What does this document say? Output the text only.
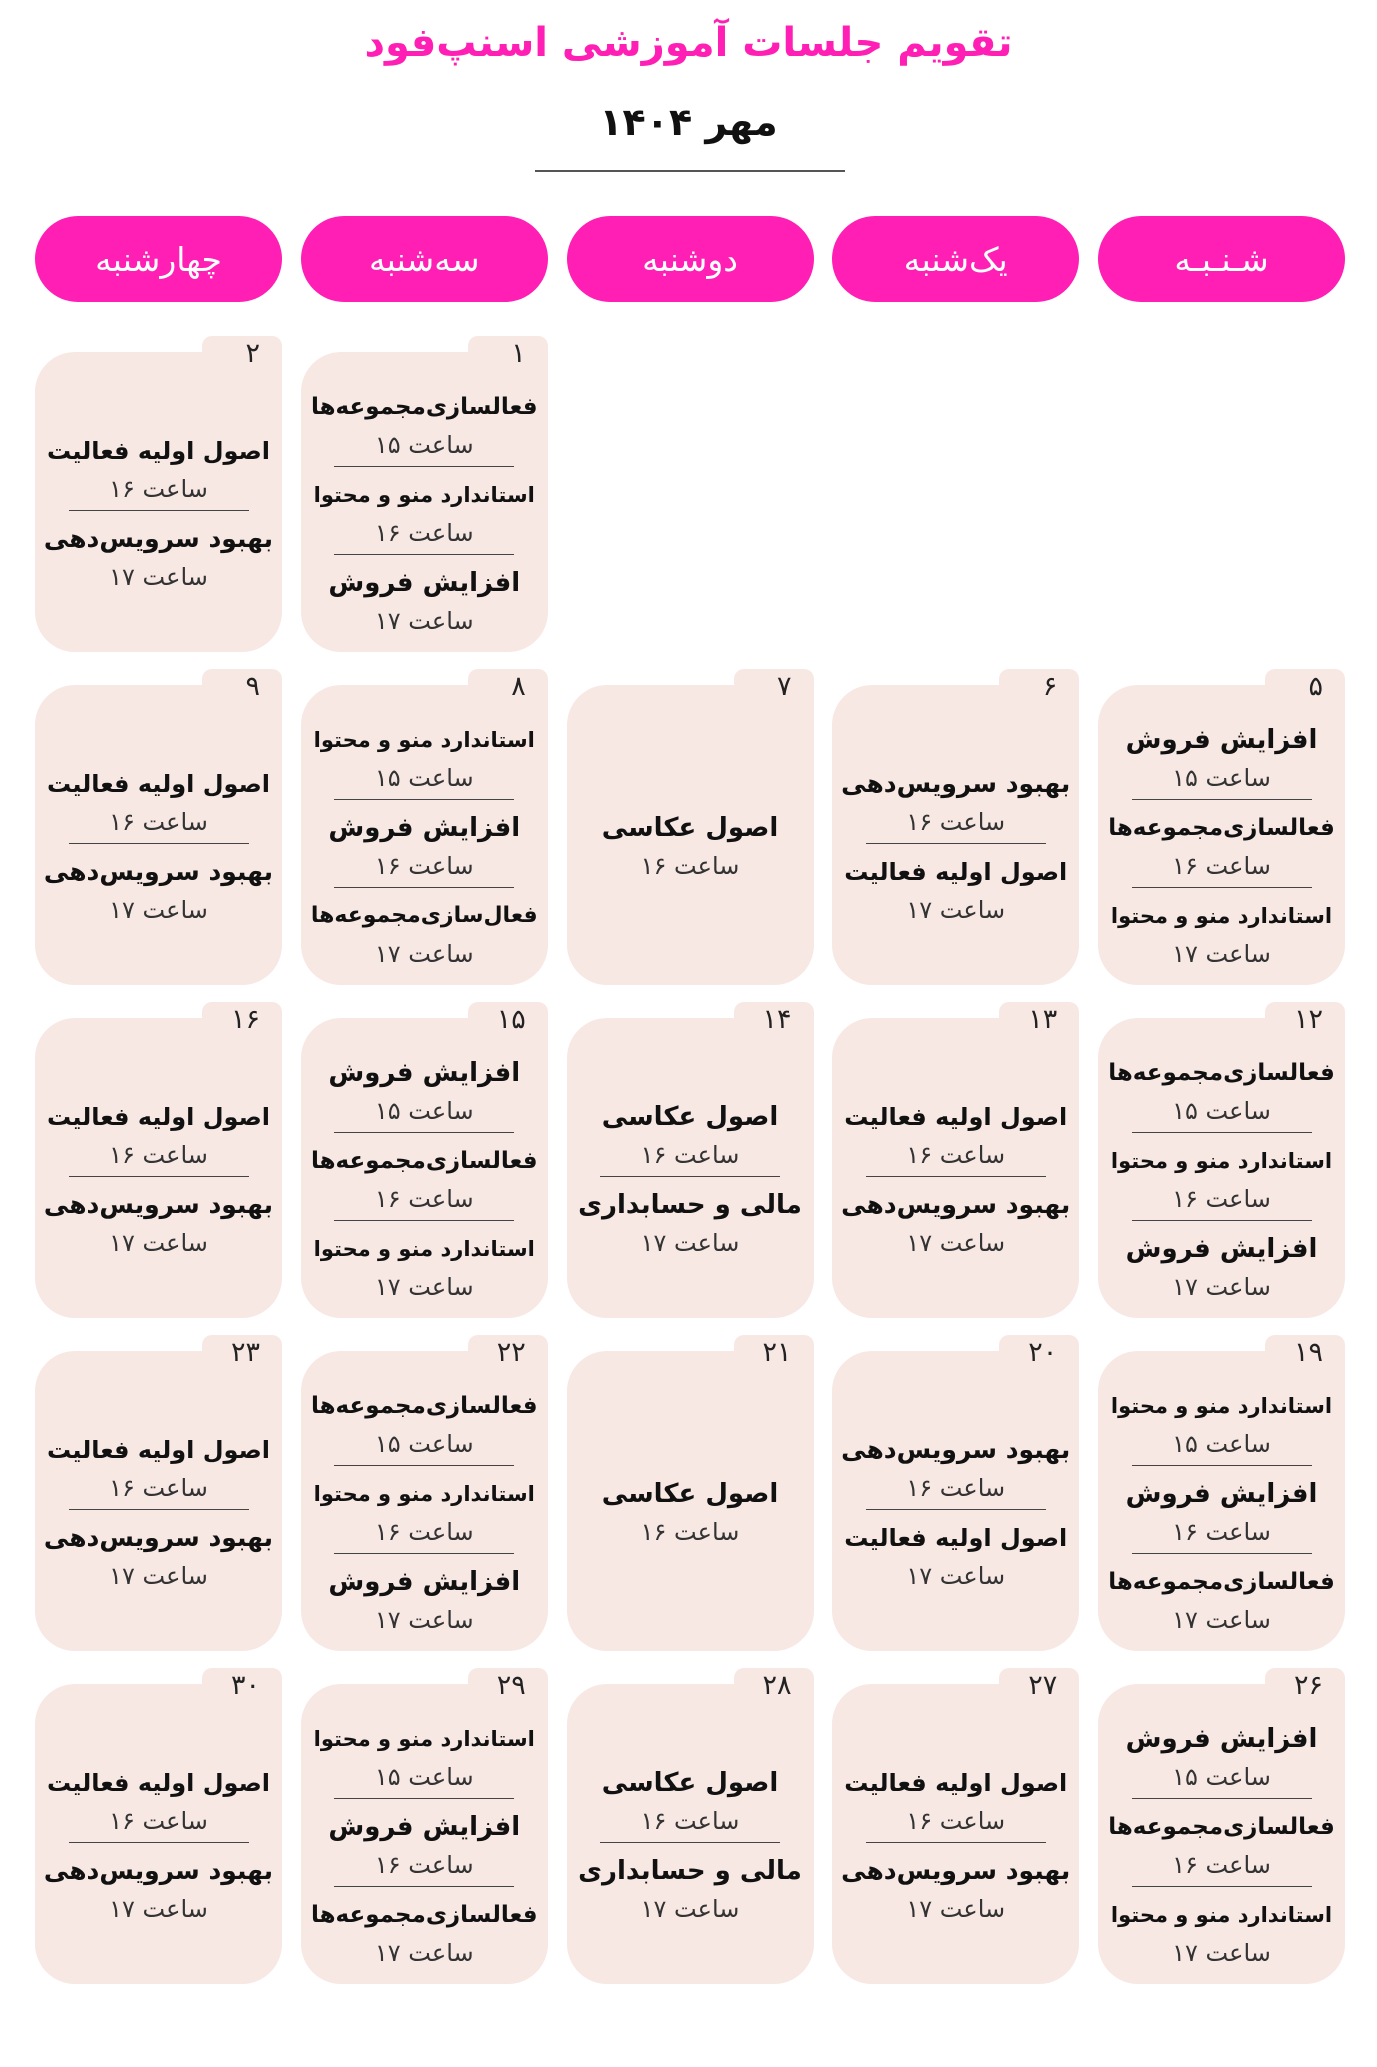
تقویم جلسات آموزشی اسنپ‌فود
مهر ۱۴۰۴
شـنـبـه
یک‌شنبه
دوشنبه
سه‌شنبه
چهارشنبه
۱
فعالسازی‌مجموعه‌ها
ساعت ۱۵
استاندارد منو و محتوا
ساعت ۱۶
افزایش فروش
ساعت ۱۷
۲
اصول اولیه فعالیت
ساعت ۱۶
بهبود سرویس‌دهی
ساعت ۱۷
۵
افزایش فروش
ساعت ۱۵
فعالسازی‌مجموعه‌ها
ساعت ۱۶
استاندارد منو و محتوا
ساعت ۱۷
۶
بهبود سرویس‌دهی
ساعت ۱۶
اصول اولیه فعالیت
ساعت ۱۷
۷
اصول عکاسی
ساعت ۱۶
۸
استاندارد منو و محتوا
ساعت ۱۵
افزایش فروش
ساعت ۱۶
فعال‌سازی‌مجموعه‌ها
ساعت ۱۷
۹
اصول اولیه فعالیت
ساعت ۱۶
بهبود سرویس‌دهی
ساعت ۱۷
۱۲
فعالسازی‌مجموعه‌ها
ساعت ۱۵
استاندارد منو و محتوا
ساعت ۱۶
افزایش فروش
ساعت ۱۷
۱۳
اصول اولیه فعالیت
ساعت ۱۶
بهبود سرویس‌دهی
ساعت ۱۷
۱۴
اصول عکاسی
ساعت ۱۶
مالی و حسابداری
ساعت ۱۷
۱۵
افزایش فروش
ساعت ۱۵
فعالسازی‌مجموعه‌ها
ساعت ۱۶
استاندارد منو و محتوا
ساعت ۱۷
۱۶
اصول اولیه فعالیت
ساعت ۱۶
بهبود سرویس‌دهی
ساعت ۱۷
۱۹
استاندارد منو و محتوا
ساعت ۱۵
افزایش فروش
ساعت ۱۶
فعالسازی‌مجموعه‌ها
ساعت ۱۷
۲۰
بهبود سرویس‌دهی
ساعت ۱۶
اصول اولیه فعالیت
ساعت ۱۷
۲۱
اصول عکاسی
ساعت ۱۶
۲۲
فعالسازی‌مجموعه‌ها
ساعت ۱۵
استاندارد منو و محتوا
ساعت ۱۶
افزایش فروش
ساعت ۱۷
۲۳
اصول اولیه فعالیت
ساعت ۱۶
بهبود سرویس‌دهی
ساعت ۱۷
۲۶
افزایش فروش
ساعت ۱۵
فعالسازی‌مجموعه‌ها
ساعت ۱۶
استاندارد منو و محتوا
ساعت ۱۷
۲۷
اصول اولیه فعالیت
ساعت ۱۶
بهبود سرویس‌دهی
ساعت ۱۷
۲۸
اصول عکاسی
ساعت ۱۶
مالی و حسابداری
ساعت ۱۷
۲۹
استاندارد منو و محتوا
ساعت ۱۵
افزایش فروش
ساعت ۱۶
فعالسازی‌مجموعه‌ها
ساعت ۱۷
۳۰
اصول اولیه فعالیت
ساعت ۱۶
بهبود سرویس‌دهی
ساعت ۱۷
